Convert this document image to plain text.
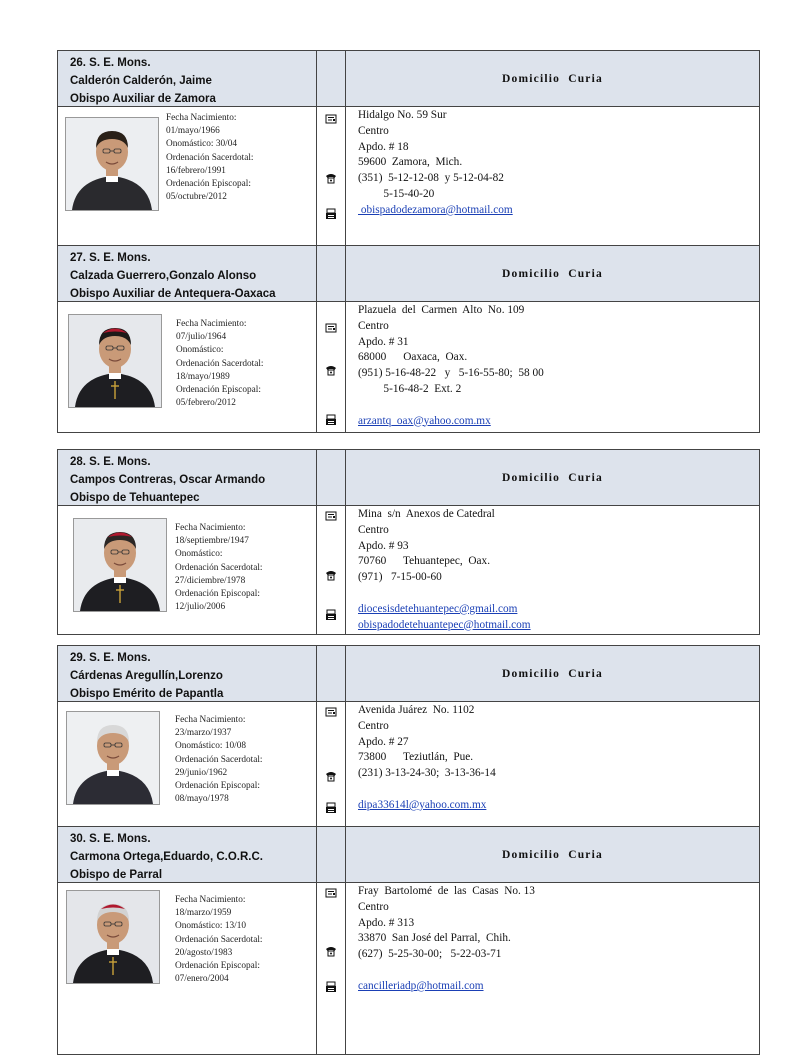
26. S. E. Mons.
Calderón Calderón, Jaime
Obispo Auxiliar de Zamora
Domicilio Curia
Fecha Nacimiento:
01/mayo/1966
Onomástico: 30/04
Ordenación Sacerdotal:
16/febrero/1991
Ordenación Episcopal:
05/octubre/2012
Hidalgo No. 59 Sur
Centro
Apdo. # 18
59600  Zamora,  Mich.
(351)  5-12-12-08  y 5-12-04-82
5-15-40-20
obispadodezamora@hotmail.com
27. S. E. Mons.
Calzada Guerrero,Gonzalo Alonso
Obispo Auxiliar de Antequera-Oaxaca
Domicilio Curia
Fecha Nacimiento:
07/julio/1964
Onomástico:
Ordenación Sacerdotal:
18/mayo/1989
Ordenación Episcopal:
05/febrero/2012
Plazuela  del  Carmen  Alto  No. 109
Centro
Apdo. # 31
68000      Oaxaca,  Oax.
(951) 5-16-48-22   y   5-16-55-80;  58 00
5-16-48-2  Ext. 2

arzantq_oax@yahoo.com.mx
28. S. E. Mons.
Campos Contreras, Oscar Armando
Obispo de Tehuantepec
Domicilio Curia
Fecha Nacimiento:
18/septiembre/1947
Onomástico:
Ordenación Sacerdotal:
27/diciembre/1978
Ordenación Episcopal:
12/julio/2006
Mina  s/n  Anexos de Catedral
Centro
Apdo. # 93
70760      Tehuantepec,  Oax.
(971)   7-15-00-60

diocesisdetehuantepec@gmail.com
obispadodetehuantepec@hotmail.com
29. S. E. Mons.
Cárdenas Aregullín,Lorenzo
Obispo Emérito de Papantla
Domicilio Curia
Fecha Nacimiento:
23/marzo/1937
Onomástico: 10/08
Ordenación Sacerdotal:
29/junio/1962
Ordenación Episcopal:
08/mayo/1978
Avenida Juárez  No. 1102
Centro
Apdo. # 27
73800      Teziutlán,  Pue.
(231) 3-13-24-30;  3-13-36-14

dipa33614l@yahoo.com.mx
30. S. E. Mons.
Carmona Ortega,Eduardo, C.O.R.C.
Obispo de Parral
Domicilio Curia
Fecha Nacimiento:
18/marzo/1959
Onomástico: 13/10
Ordenación Sacerdotal:
20/agosto/1983
Ordenación Episcopal:
07/enero/2004
Fray  Bartolomé  de  las  Casas  No. 13
Centro
Apdo. # 313
33870  San José del Parral,  Chih.
(627)  5-25-30-00;   5-22-03-71

cancilleriadp@hotmail.com
